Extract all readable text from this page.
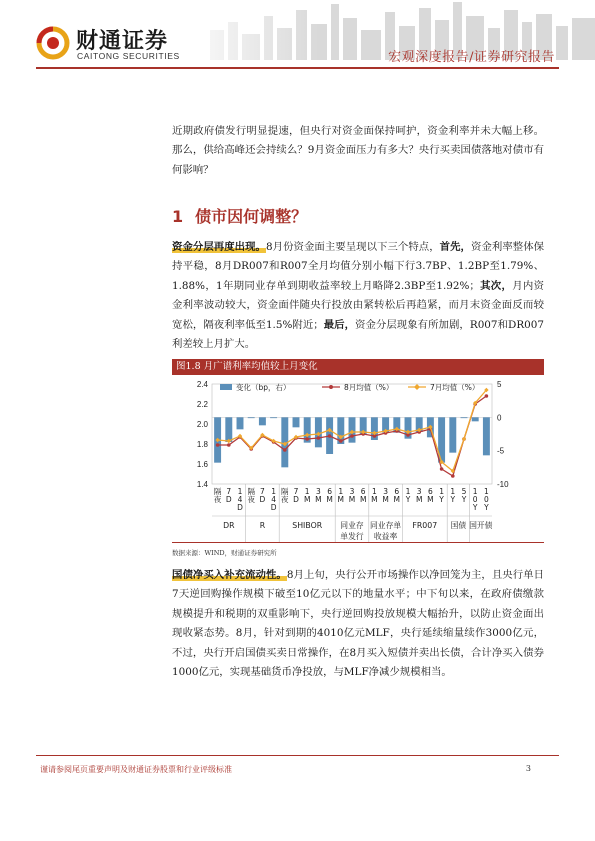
财通证券
CAITONG SECURITIES	宏观深度报告/证券研究报告

近期政府债发行明显提速，但央行对资金面保持呵护，资金利率并未大幅上移。那么，供给高峰还会持续么？9月资金面压力有多大？央行买卖国债落地对债市有何影响？

1 债市因何调整？

资金分层再度出现。8月份资金面主要呈现以下三个特点，首先，资金利率整体保持平稳，8月DR007和R007全月均值分别小幅下行3.7BP、1.2BP至1.79%、1.88%，1年期同业存单到期收益率较上月略降2.3BP至1.92%；其次，月内资金利率波动较大，资金面伴随央行投放由紧转松后再趋紧，而月末资金面反而较宽松，隔夜利率低至1.5%附近；最后，资金分层现象有所加剧，R007和DR007利差较上月扩大。

图1.8 月广谱利率均值较上月变化
2.4
2.2
2.0
1.8
1.6
1.4
5
0
-5
-10
变化（bp，右）	8月均值（%）	7月均值（%）
隔
夜
7
D
1
4
D
隔
夜
7
D
1
4
D
隔
夜
7
D
1
M
3
M
6
M
1
M
3
M
6
M
1
M
3
M
6
M
1
Y
3
M
6
M
1
Y
1
Y
5
Y
1
0
Y
1
0
Y
DR	R	SHIBOR 同业存
单发行
同业存单
收益率
FR007 国债 国开债
数据来源：WIND，财通证券研究所

国债净买入补充流动性。8月上旬，央行公开市场操作以净回笼为主，且央行单日7天逆回购操作规模下破至10亿元以下的地量水平；中下旬以来，在政府债缴款规模提升和税期的双重影响下，央行逆回购投放规模大幅抬升，以防止资金面出现收紧态势。8月，针对到期的4010亿元MLF，央行延续缩量续作3000亿元，不过，央行开启国债买卖日常操作，在8月买入短债并卖出长债，合计净买入债券1000亿元，实现基础货币净投放，与MLF净减少规模相当。

谨请参阅尾页重要声明及财通证券股票和行业评级标准	3
